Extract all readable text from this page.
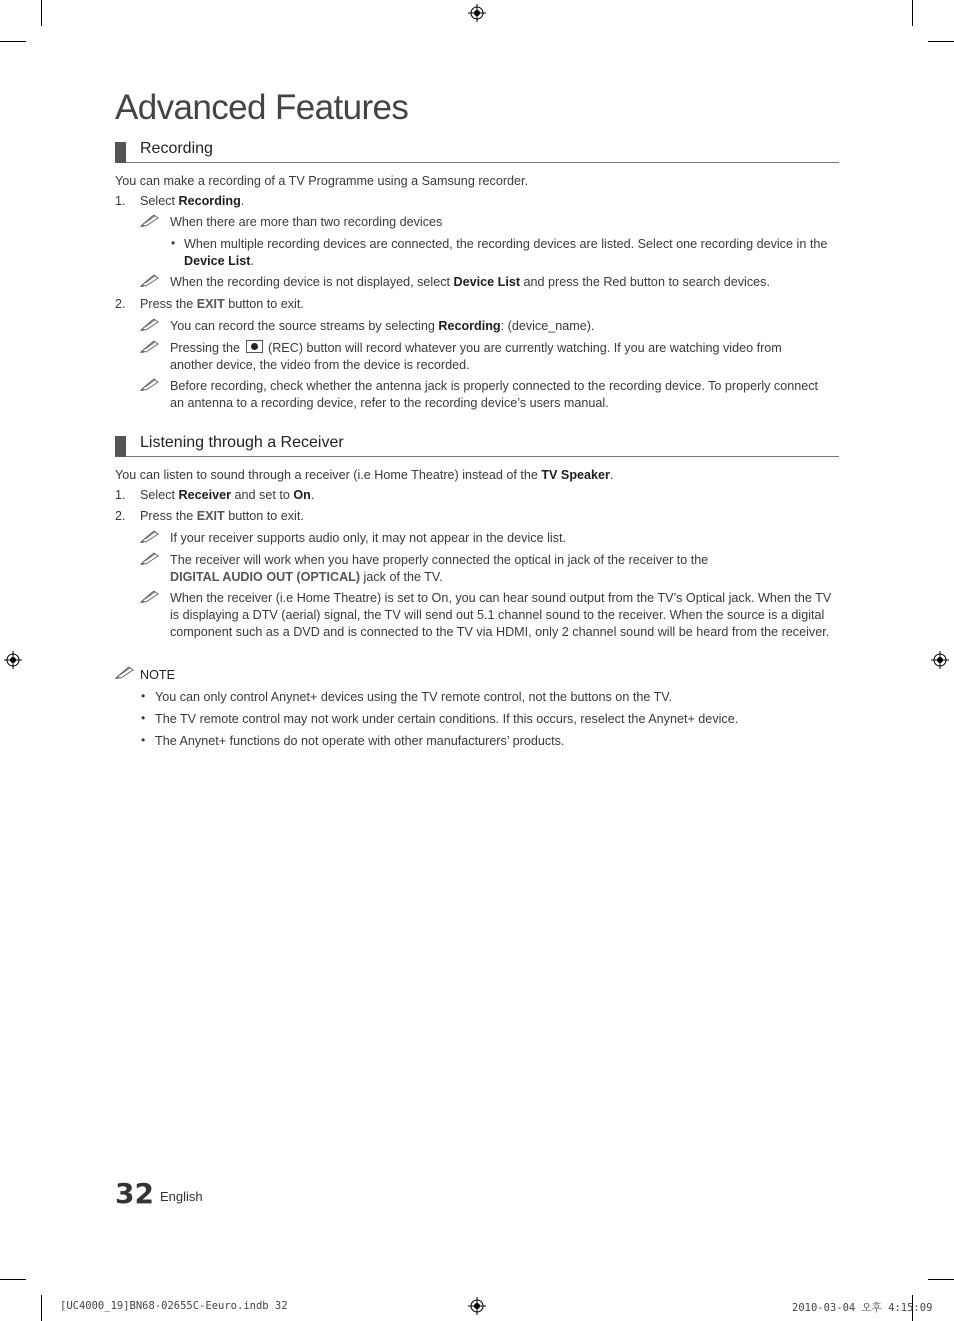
Advanced Features
Recording
You can make a recording of a TV Programme using a Samsung recorder.
1. Select Recording.
When there are more than two recording devices
• When multiple recording devices are connected, the recording devices are listed. Select one recording device in the Device List.
When the recording device is not displayed, select Device List and press the Red button to search devices.
2. Press the EXIT button to exit.
You can record the source streams by selecting Recording: (device_name).
Pressing the  (REC) button will record whatever you are currently watching. If you are watching video from another device, the video from the device is recorded.
Before recording, check whether the antenna jack is properly connected to the recording device. To properly connect an antenna to a recording device, refer to the recording device’s users manual.
Listening through a Receiver
You can listen to sound through a receiver (i.e Home Theatre) instead of the TV Speaker.
1. Select Receiver and set to On.
2. Press the EXIT button to exit.
If your receiver supports audio only, it may not appear in the device list.
The receiver will work when you have properly connected the optical in jack of the receiver to the
DIGITAL AUDIO OUT (OPTICAL) jack of the TV.
When the receiver (i.e Home Theatre) is set to On, you can hear sound output from the TV’s Optical jack. When the TV is displaying a DTV (aerial) signal, the TV will send out 5.1 channel sound to the receiver. When the source is a digital component such as a DVD and is connected to the TV via HDMI, only 2 channel sound will be heard from the receiver.
NOTE
• You can only control Anynet+ devices using the TV remote control, not the buttons on the TV.
• The TV remote control may not work under certain conditions. If this occurs, reselect the Anynet+ device.
• The Anynet+ functions do not operate with other manufacturers’ products.
32 English
[UC4000_19]BN68-02655C-Eeuro.indb 32	2010-03-04 오후 4:15:09
